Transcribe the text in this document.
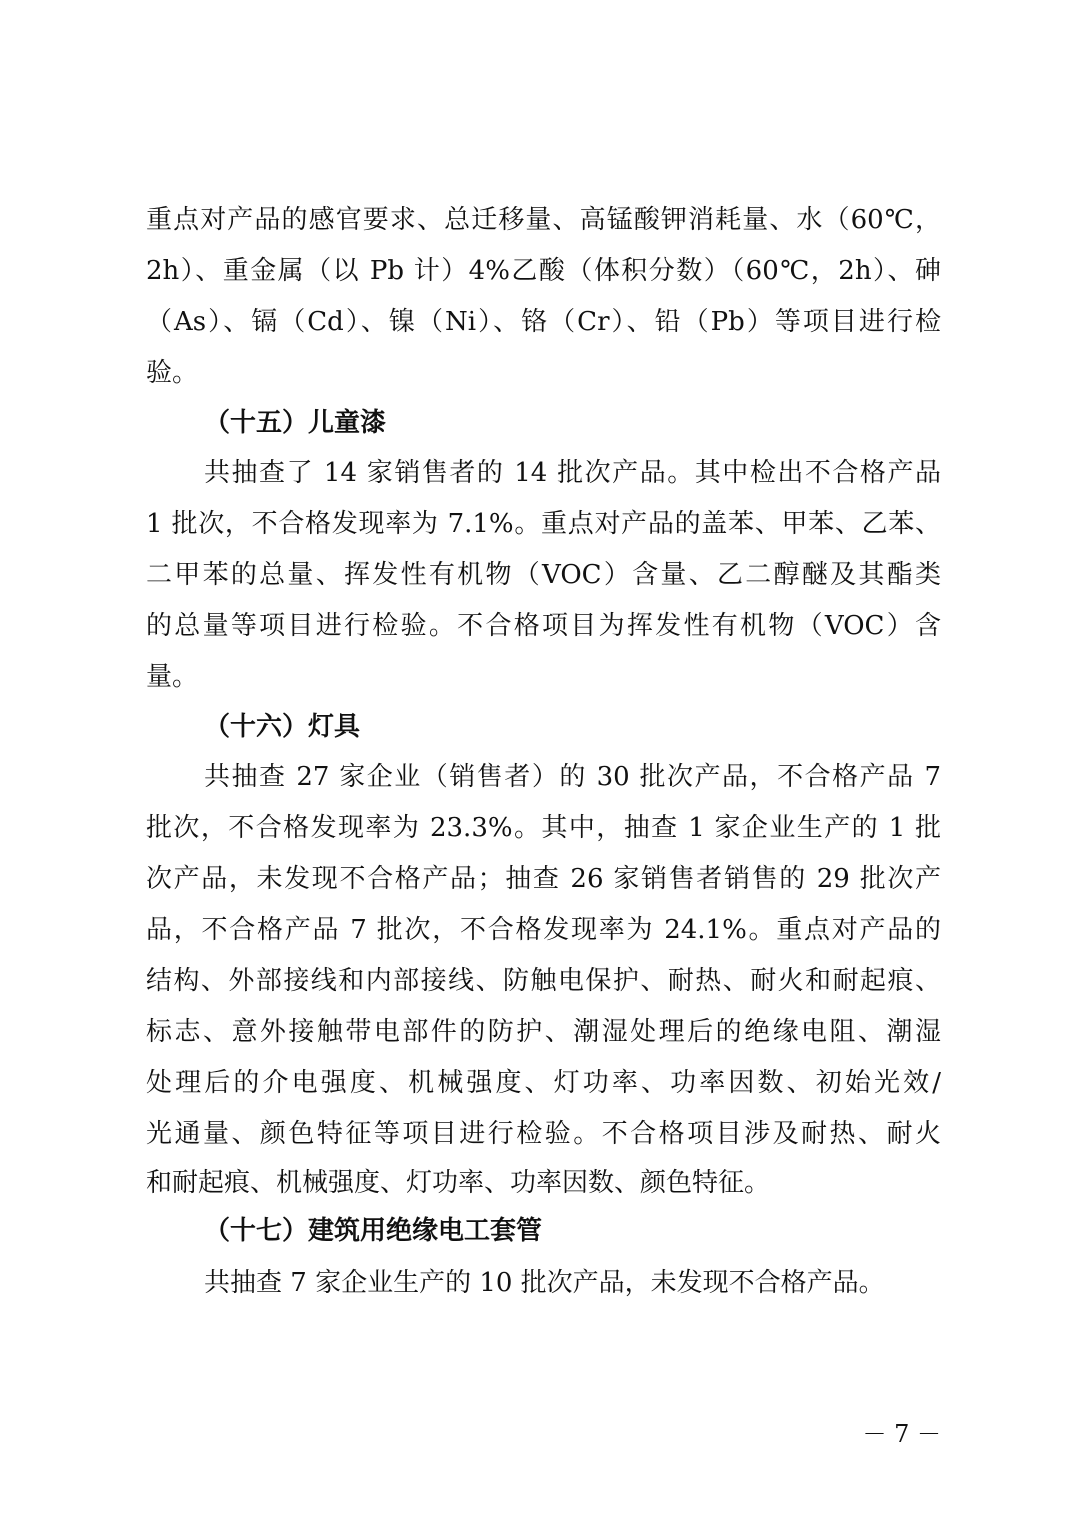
重点对产品的感官要求、总迁移量、高锰酸钾消耗量、水（60℃，
2h）、重金属（以 Pb 计）4%乙酸（体积分数）（60℃，2h）、砷
（As）、镉（Cd）、镍（Ni）、铬（Cr）、铅（Pb）等项目进行检
验。
（十五）儿童漆
共抽查了 14 家销售者的 14 批次产品。其中检出不合格产品
1 批次，不合格发现率为 7.1%。重点对产品的盖苯、甲苯、乙苯、
二甲苯的总量、挥发性有机物（VOC）含量、乙二醇醚及其酯类
的总量等项目进行检验。不合格项目为挥发性有机物（VOC）含
量。
（十六）灯具
共抽查 27 家企业（销售者）的 30 批次产品，不合格产品 7
批次，不合格发现率为 23.3%。其中，抽查 1 家企业生产的 1 批
次产品，未发现不合格产品；抽查 26 家销售者销售的 29 批次产
品，不合格产品 7 批次，不合格发现率为 24.1%。重点对产品的
结构、外部接线和内部接线、防触电保护、耐热、耐火和耐起痕、
标志、意外接触带电部件的防护、潮湿处理后的绝缘电阻、潮湿
处理后的介电强度、机械强度、灯功率、功率因数、初始光效/
光通量、颜色特征等项目进行检验。不合格项目涉及耐热、耐火
和耐起痕、机械强度、灯功率、功率因数、颜色特征。
（十七）建筑用绝缘电工套管
共抽查 7 家企业生产的 10 批次产品，未发现不合格产品。
－ 7 －
